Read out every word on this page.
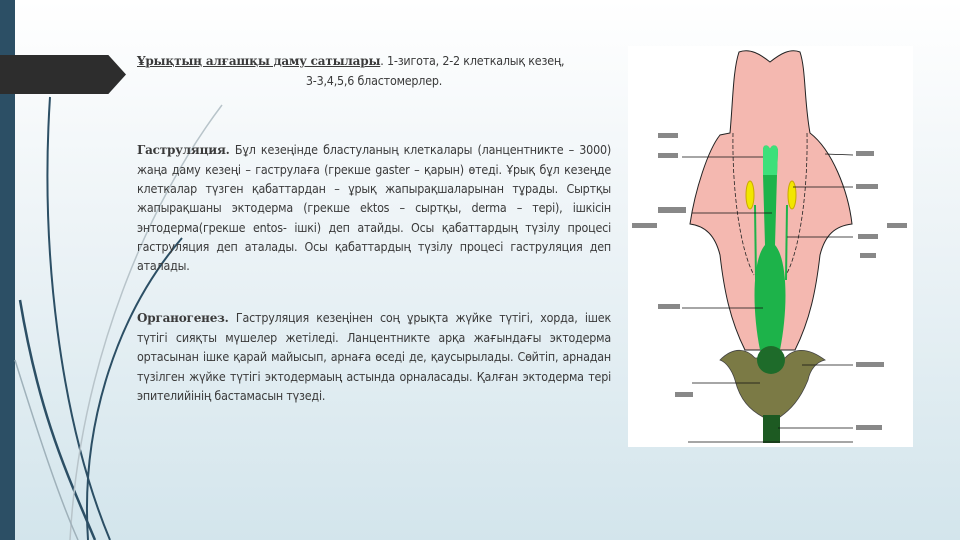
Ұрықтың алғашқы даму сатылары. 1-зигота, 2-2 клеткалық кезең,

3-3,4,5,6 бластомерлер.

Гаструляция. Бұл кезеңінде бластуланың клеткалары (ланцентникте – 3000) жаңа даму кезеңі – гаструлаға (грекше gaster – қарын) өтеді. Ұрық бұл кезеңде клеткалар түзген қабаттардан – ұрық жапырақшаларынан тұрады. Сыртқы жапырақшаны эктодерма (грекше ektos – сыртқы, derma – тері), ішкісін энтодерма(грекше entos- ішкі) деп атайды. Осы қабаттардың түзілу процесі гаструляция деп аталады. Осы қабаттардың түзілу процесі гаструляция деп аталады.

Органогенез. Гаструляция кезеңінен соң ұрықта жүйке түтігі, хорда, ішек түтігі сияқты мүшелер жетіледі. Ланцентникте арқа жағындағы эктодерма ортасынан ішке қарай майысып, арнаға өседі де, қаусырылады. Сөйтіп, арнадан түзілген жүйке түтігі эктодермаың астында орналасады. Қалған эктодерма тері эпителийінің бастамасын түзеді.
